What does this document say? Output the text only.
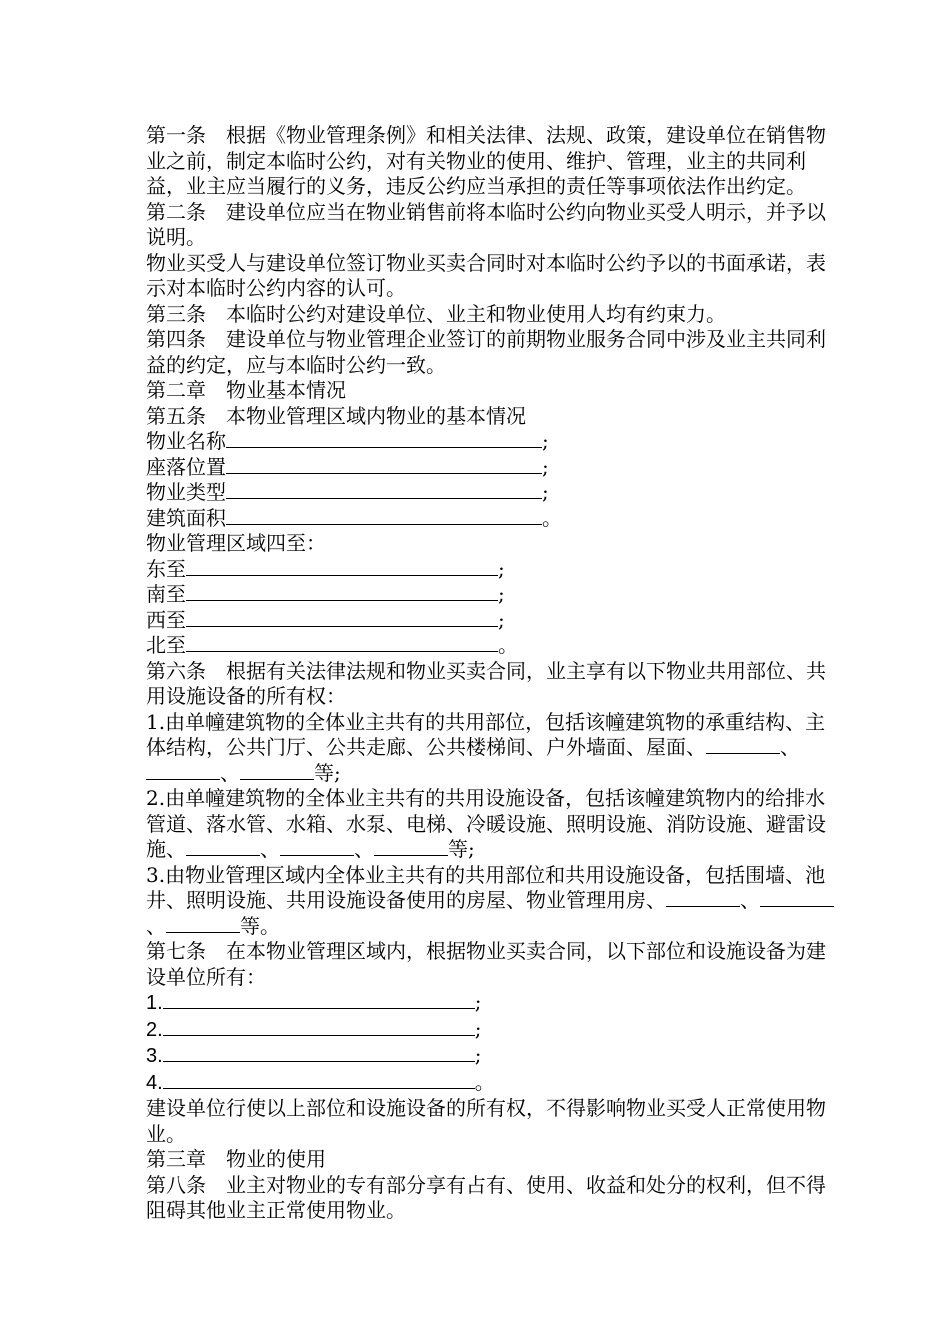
第一条　根据《物业管理条例》和相关法律、法规、政策，建设单位在销售物业之前，制定本临时公约，对有关物业的使用、维护、管理，业主的共同利益，业主应当履行的义务，违反公约应当承担的责任等事项依法作出约定。

第二条　建设单位应当在物业销售前将本临时公约向物业买受人明示，并予以说明。

物业买受人与建设单位签订物业买卖合同时对本临时公约予以的书面承诺，表示对本临时公约内容的认可。

第三条　本临时公约对建设单位、业主和物业使用人均有约束力。

第四条　建设单位与物业管理企业签订的前期物业服务合同中涉及业主共同利益的约定，应与本临时公约一致。

第二章　物业基本情况

第五条　本物业管理区域内物业的基本情况

物业名称	;

座落位置	;

物业类型	;

建筑面积	。

物业管理区域四至：

东至	;

南至	;

西至	;

北至	。

第六条　根据有关法律法规和物业买卖合同，业主享有以下物业共用部位、共用设施设备的所有权：

1.由单幢建筑物的全体业主共有的共用部位，包括该幢建筑物的承重结构、主体结构，公共门厅、公共走廊、公共楼梯间、户外墙面、屋面、	、、	等;

2.由单幢建筑物的全体业主共有的共用设施设备，包括该幢建筑物内的给排水管道、落水管、水箱、水泵、电梯、冷暖设施、照明设施、消防设施、避雷设施、	、	、	等;

3.由物业管理区域内全体业主共有的共用部位和共用设施设备，包括围墙、池井、照明设施、共用设施设备使用的房屋、物业管理用房、	、、	等。

第七条　在本物业管理区域内，根据物业买卖合同，以下部位和设施设备为建设单位所有：

1.	;

2.	;

3.	;

4.	。

建设单位行使以上部位和设施设备的所有权，不得影响物业买受人正常使用物业。

第三章　物业的使用

第八条　业主对物业的专有部分享有占有、使用、收益和处分的权利，但不得阻碍其他业主正常使用物业。
